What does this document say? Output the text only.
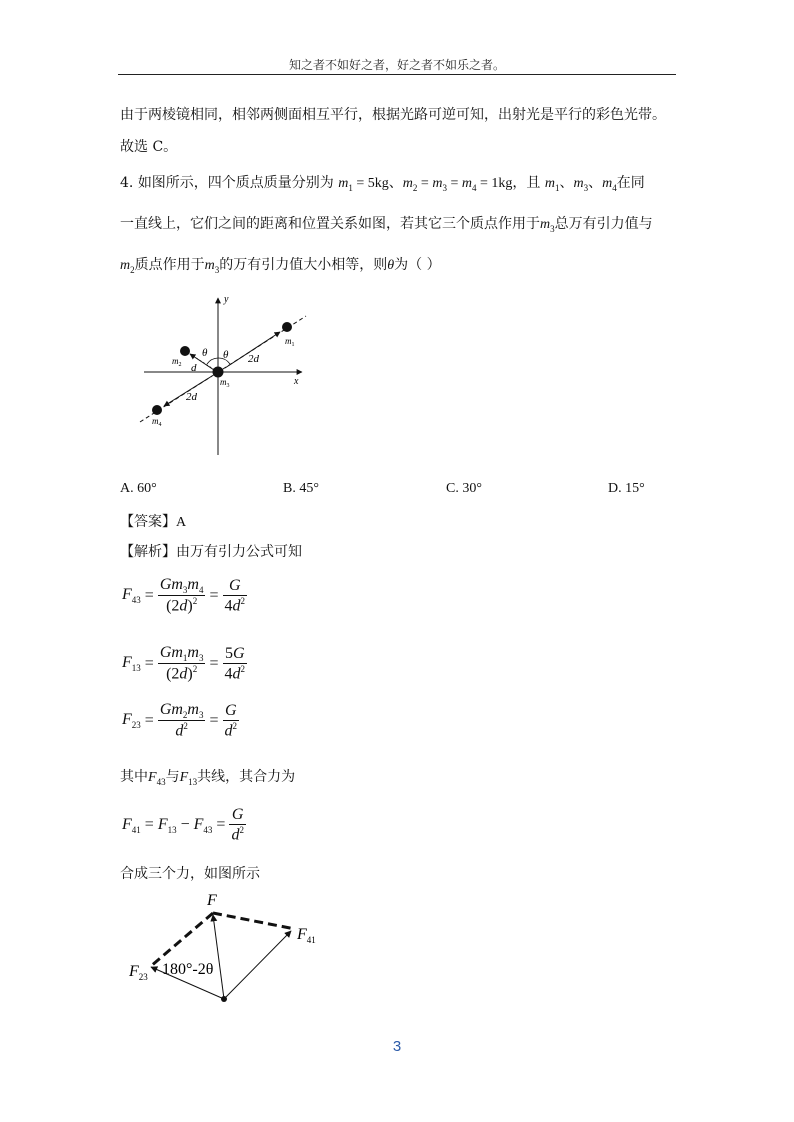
知之者不如好之者，好之者不如乐之者。
由于两棱镜相同，相邻两侧面相互平行，根据光路可逆可知，出射光是平行的彩色光带。
故选 C。
4. 如图所示，四个质点质量分别为 $m_1 = 5kg$、$m_2 = m_3 = m_4 = 1kg$，且 $m_1$、$m_3$、$m_4$在同
一直线上，它们之间的距离和位置关系如图，若其它三个质点作用于$m_3$总万有引力值与
$m_2$质点作用于$m_3$的万有引力值大小相等，则θ为（ ）
y
x
$m_1$
$m_2$
$m_3$
$m_4$
θ θ
d
2d
2d
A. 60°	B. 45°	C. 30°	D. 15°
【答案】A
【解析】由万有引力公式可知
$F_{43} = \frac{Gm_3m_4}{(2d)^2} = \frac{G}{4d^2}$
$F_{13} = \frac{Gm_1m_3}{(2d)^2} = \frac{5G}{4d^2}$
$F_{23} = \frac{Gm_2m_3}{d^2} = \frac{G}{d^2}$
其中$F_{43}$与$F_{13}$共线，其合力为
$F_{41} = F_{13} - F_{43} = \frac{G}{d^2}$
合成三个力，如图所示
F
$F_{41}$
$F_{23}$ 180°-2θ
3
